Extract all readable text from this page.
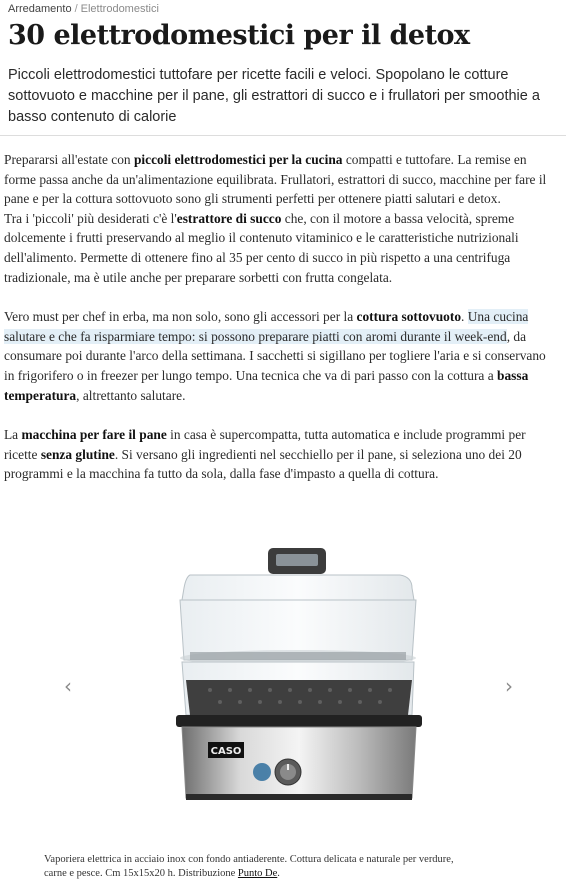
Arredamento / Elettrodomestici
30 elettrodomestici per il detox

Piccoli elettrodomestici tuttofare per ricette facili e veloci. Spopolano le cotture sottovuoto e macchine per il pane, gli estrattori di succo e i frullatori per smoothie a basso contenuto di calorie

Prepararsi all'estate con piccoli elettrodomestici per la cucina compatti e tuttofare. La remise en forme passa anche da un'alimentazione equilibrata. Frullatori, estrattori di succo, macchine per fare il pane e per la cottura sottovuoto sono gli strumenti perfetti per ottenere piatti salutari e detox.

Tra i 'piccoli' più desiderati c'è l'estrattore di succo che, con il motore a bassa velocità, spreme dolcemente i frutti preservando al meglio il contenuto vitaminico e le caratteristiche nutrizionali dell'alimento. Permette di ottenere fino al 35 per cento di succo in più rispetto a una centrifuga tradizionale, ma è utile anche per preparare sorbetti con frutta congelata.

Vero must per chef in erba, ma non solo, sono gli accessori per la cottura sottovuoto. Una cucina salutare e che fa risparmiare tempo: si possono preparare piatti con aromi durante il week-end, da consumare poi durante l'arco della settimana. I sacchetti si sigillano per togliere l'aria e si conservano in frigorifero o in freezer per lungo tempo. Una tecnica che va di pari passo con la cottura a bassa temperatura, altrettanto salutare.

La macchina per fare il pane in casa è supercompatta, tutta automatica e include programmi per ricette senza glutine. Si versano gli ingredienti nel secchiello per il pane, si seleziona uno dei 20 programmi e la macchina fa tutto da sola, dalla fase d'impasto a quella di cottura.

CASO
‹	›
Vaporiera elettrica in acciaio inox con fondo antiaderente. Cottura delicata e naturale per verdure, carne e pesce. Cm 15x15x20 h. Distribuzione Punto De.
